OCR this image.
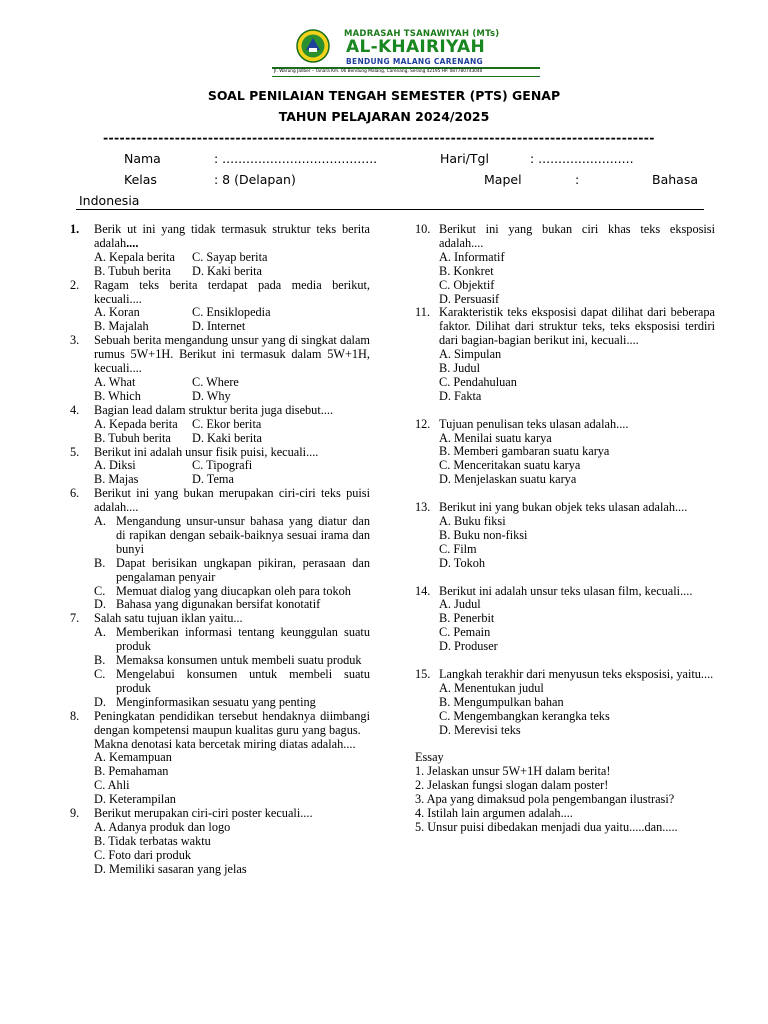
MADRASAH TSANAWIYAH (MTs)
AL-KHAIRIYAH
BENDUNG MALANG CARENANG
Jl. Warung Jallber – Tanara Km. 06 Bendung Malang, Carenang, Serang 42195 HP. 087780743040
SOAL PENILAIAN TENGAH SEMESTER (PTS) GENAP
TAHUN PELAJARAN 2024/2025
----------------------------------------------------------------------------------------------------
Nama	: .......................................	Hari/Tgl	: ........................
Kelas	: 8 (Delapan)	Mapel	:	Bahasa
Indonesia
1. Berik ut ini yang tidak termasuk struktur teks berita adalah....
A. Kepala berita	C. Sayap berita
B. Tubuh berita	D. Kaki berita
2. Ragam teks berita terdapat pada media berikut, kecuali....
A. Koran	C. Ensiklopedia
B. Majalah	D. Internet
3. Sebuah berita mengandung unsur yang di singkat dalam rumus 5W+1H. Berikut ini termasuk dalam 5W+1H, kecuali....
A. What	C. Where
B. Which	D. Why
4. Bagian lead dalam struktur berita juga disebut....
A. Kepada berita	C. Ekor berita
B. Tubuh berita	D. Kaki berita
5. Berikut ini adalah unsur fisik puisi, kecuali....
A. Diksi	C. Tipografi
B. Majas	D. Tema
6. Berikut ini yang bukan merupakan ciri-ciri teks puisi adalah....
A. Mengandung unsur-unsur bahasa yang diatur dan di rapikan dengan sebaik-baiknya sesuai irama dan bunyi
B. Dapat berisikan ungkapan pikiran, perasaan dan pengalaman penyair
C. Memuat dialog yang diucapkan oleh para tokoh
D. Bahasa yang digunakan bersifat konotatif
7. Salah satu tujuan iklan yaitu...
A. Memberikan informasi tentang keunggulan suatu produk
B. Memaksa konsumen untuk membeli suatu produk
C. Mengelabui konsumen untuk membeli suatu produk
D. Menginformasikan sesuatu yang penting
8. Peningkatan pendidikan tersebut hendaknya diimbangi dengan kompetensi maupun kualitas guru yang bagus.
Makna denotasi kata bercetak miring diatas adalah....
A. Kemampuan
B. Pemahaman
C. Ahli
D. Keterampilan
9. Berikut merupakan ciri-ciri poster kecuali....
A. Adanya produk dan logo
B. Tidak terbatas waktu
C. Foto dari produk
D. Memiliki sasaran yang jelas
10. Berikut ini yang bukan ciri khas teks eksposisi adalah....
A. Informatif
B. Konkret
C. Objektif
D. Persuasif
11. Karakteristik teks eksposisi dapat dilihat dari beberapa faktor. Dilihat dari struktur teks, teks eksposisi terdiri dari bagian-bagian berikut ini, kecuali....
A. Simpulan
B. Judul
C. Pendahuluan
D. Fakta
12. Tujuan penulisan teks ulasan adalah....
A. Menilai suatu karya
B. Memberi gambaran suatu karya
C. Menceritakan suatu karya
D. Menjelaskan suatu karya
13. Berikut ini yang bukan objek teks ulasan adalah....
A. Buku fiksi
B. Buku non-fiksi
C. Film
D. Tokoh
14. Berikut ini adalah unsur teks ulasan film, kecuali....
A. Judul
B. Penerbit
C. Pemain
D. Produser
15. Langkah terakhir dari menyusun teks eksposisi, yaitu....
A. Menentukan judul
B. Mengumpulkan bahan
C. Mengembangkan kerangka teks
D. Merevisi teks
Essay
1. Jelaskan unsur 5W+1H dalam berita!
2. Jelaskan fungsi slogan dalam poster!
3. Apa yang dimaksud pola pengembangan ilustrasi?
4. Istilah lain argumen adalah....
5. Unsur puisi dibedakan menjadi dua yaitu.....dan.....
